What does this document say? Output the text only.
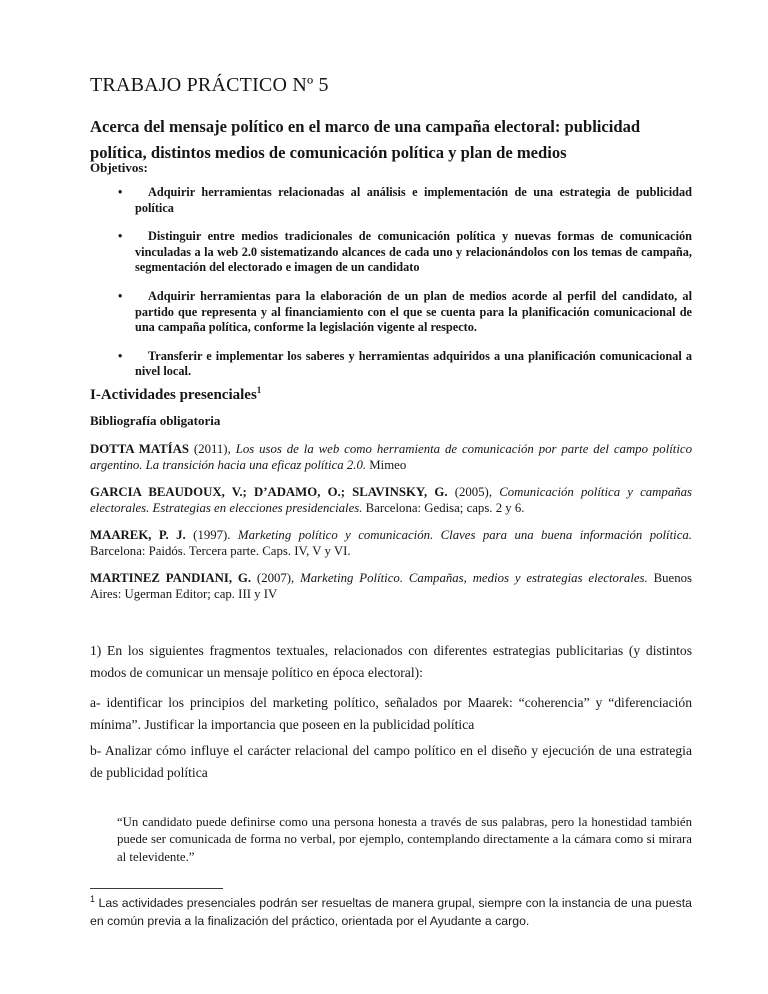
TRABAJO PRÁCTICO Nº 5
Acerca del mensaje político en el marco de una campaña electoral: publicidad política, distintos medios de comunicación política y plan de medios
Objetivos:
• Adquirir herramientas relacionadas al análisis e implementación de una estrategia de publicidad política
• Distinguir entre medios tradicionales de comunicación política y nuevas formas de comunicación vinculadas a la web 2.0 sistematizando alcances de cada uno y relacionándolos con los temas de campaña, segmentación del electorado e imagen de un candidato
• Adquirir herramientas para la elaboración de un plan de medios acorde al perfil del candidato, al partido que representa y al financiamiento con el que se cuenta para la planificación comunicacional de una campaña política, conforme la legislación vigente al respecto.
• Transferir e implementar los saberes y herramientas adquiridos a una planificación comunicacional a nivel local.
I-Actividades presenciales$^1$
Bibliografía obligatoria

DOTTA MATÍAS (2011), Los usos de la web como herramienta de comunicación por parte del campo político argentino. La transición hacia una eficaz política 2.0. Mimeo

GARCIA BEAUDOUX, V.; D’ADAMO, O.; SLAVINSKY, G. (2005), Comunicación política y campañas electorales. Estrategias en elecciones presidenciales. Barcelona: Gedisa; caps. 2 y 6.

MAAREK, P. J. (1997). Marketing político y comunicación. Claves para una buena información política. Barcelona: Paidós. Tercera parte. Caps. IV, V y VI.

MARTINEZ PANDIANI, G. (2007), Marketing Político. Campañas, medios y estrategias electorales. Buenos Aires: Ugerman Editor; cap. III y IV

1) En los siguientes fragmentos textuales, relacionados con diferentes estrategias publicitarias (y distintos modos de comunicar un mensaje político en época electoral):

a- identificar los principios del marketing político, señalados por Maarek: “coherencia” y “diferenciación mínima”. Justificar la importancia que poseen en la publicidad política

b- Analizar cómo influye el carácter relacional del campo político en el diseño y ejecución de una estrategia de publicidad política

“Un candidato puede definirse como una persona honesta a través de sus palabras, pero la honestidad también puede ser comunicada de forma no verbal, por ejemplo, contemplando directamente a la cámara como si mirara al televidente.”

$^1$ Las actividades presenciales podrán ser resueltas de manera grupal, siempre con la instancia de una puesta en común previa a la finalización del práctico, orientada por el Ayudante a cargo.
